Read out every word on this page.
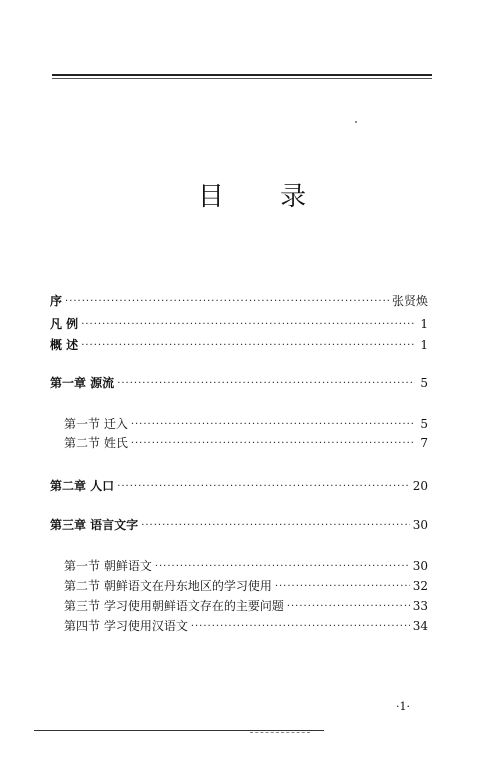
目 录
序 ·····	张贤焕
凡 例 ·····	1
概 述 ·····	1
第一章 源流 ·····	5
第一节 迁入 ·····	5
第二节 姓氏 ·····	7
第二章 人口 ·····	20
第三章 语言文字 ·····	30
第一节 朝鲜语文 ·····	30
第二节 朝鲜语文在丹东地区的学习使用 ·····	32
第三节 学习使用朝鲜语文存在的主要问题 ·····	33
第四节 学习使用汉语文 ·····	34
·1·
